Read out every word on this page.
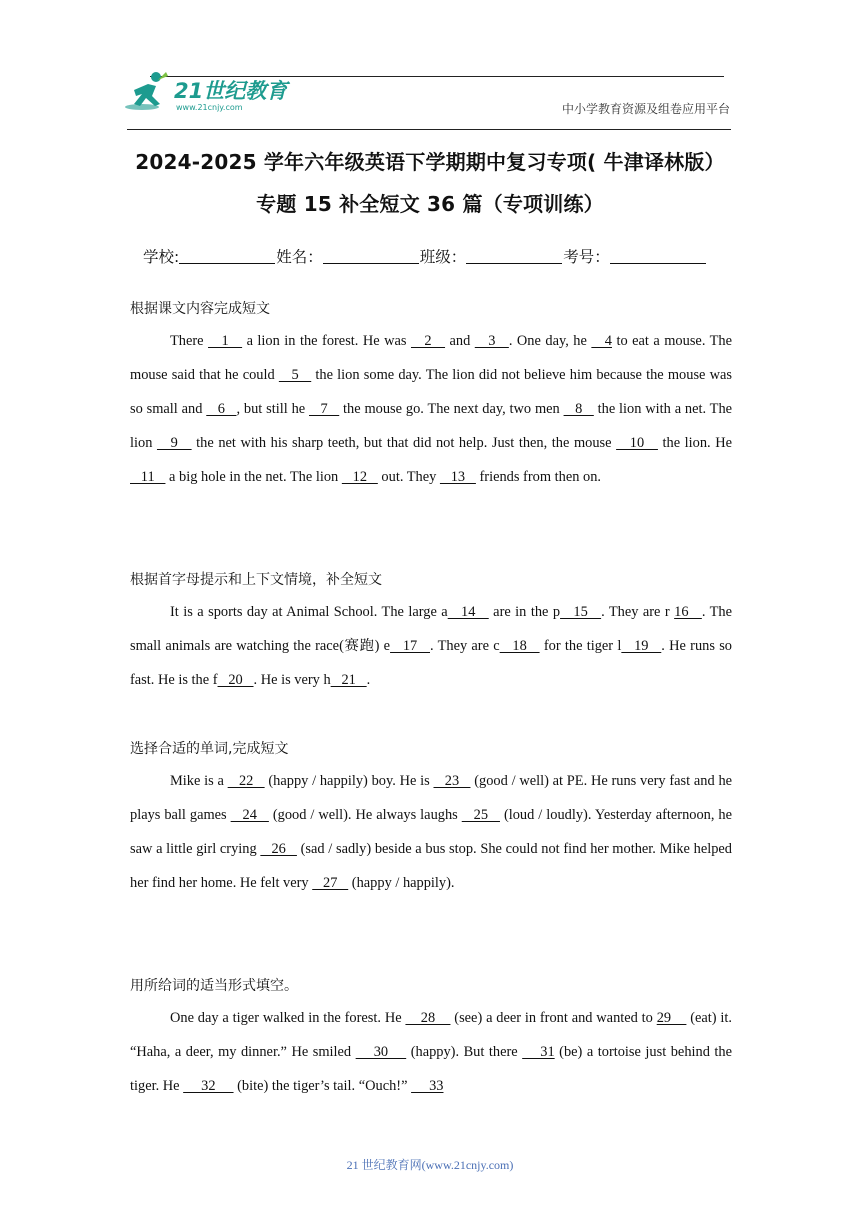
21世纪教育
www.21cnjy.com	中小学教育资源及组卷应用平台
2024-2025 学年六年级英语下学期期中复习专项( 牛津译林版）
专题 15 补全短文 36 篇（专项训练）
学校:	姓名：	班级：	考号：
根据课文内容完成短文
There    1    a lion in the forest. He was    2    and    3   . One day, he    4 to eat a mouse. The mouse said that he could    5    the lion some day. The lion did not believe him because the mouse was so small and    6   , but still he    7    the mouse go. The next day, two men    8    the lion with a net. The lion    9    the net with his sharp teeth, but that did not help. Just then, the mouse    10    the lion. He    11    a big hole in the net. The lion    12    out. They    13    friends from then on.
根据首字母提示和上下文情境，补全短文
It is a sports day at Animal School. The large a   14    are in the p   15   . They are r 16   . The small animals are watching the race(赛跑) e   17   . They are c   18    for the tiger l   19   . He runs so fast. He is the f   20   . He is very h   21   .
选择合适的单词,完成短文
Mike is a    22    (happy / happily) boy. He is    23    (good / well) at PE. He runs very fast and he plays ball games    24    (good / well). He always laughs    25    (loud / loudly). Yesterday afternoon, he saw a little girl crying    26    (sad / sadly) beside a bus stop. She could not find her mother. Mike helped her find her home. He felt very    27    (happy / happily).
用所给词的适当形式填空。
One day a tiger walked in the forest. He     28     (see) a deer in front and wanted to 29     (eat) it. “Haha, a deer, my dinner.” He smiled     30     (happy). But there     31 (be) a tortoise just behind the tiger. He      32      (bite) the tiger’s tail. “Ouch!”      33
21 世纪教育网(www.21cnjy.com)
